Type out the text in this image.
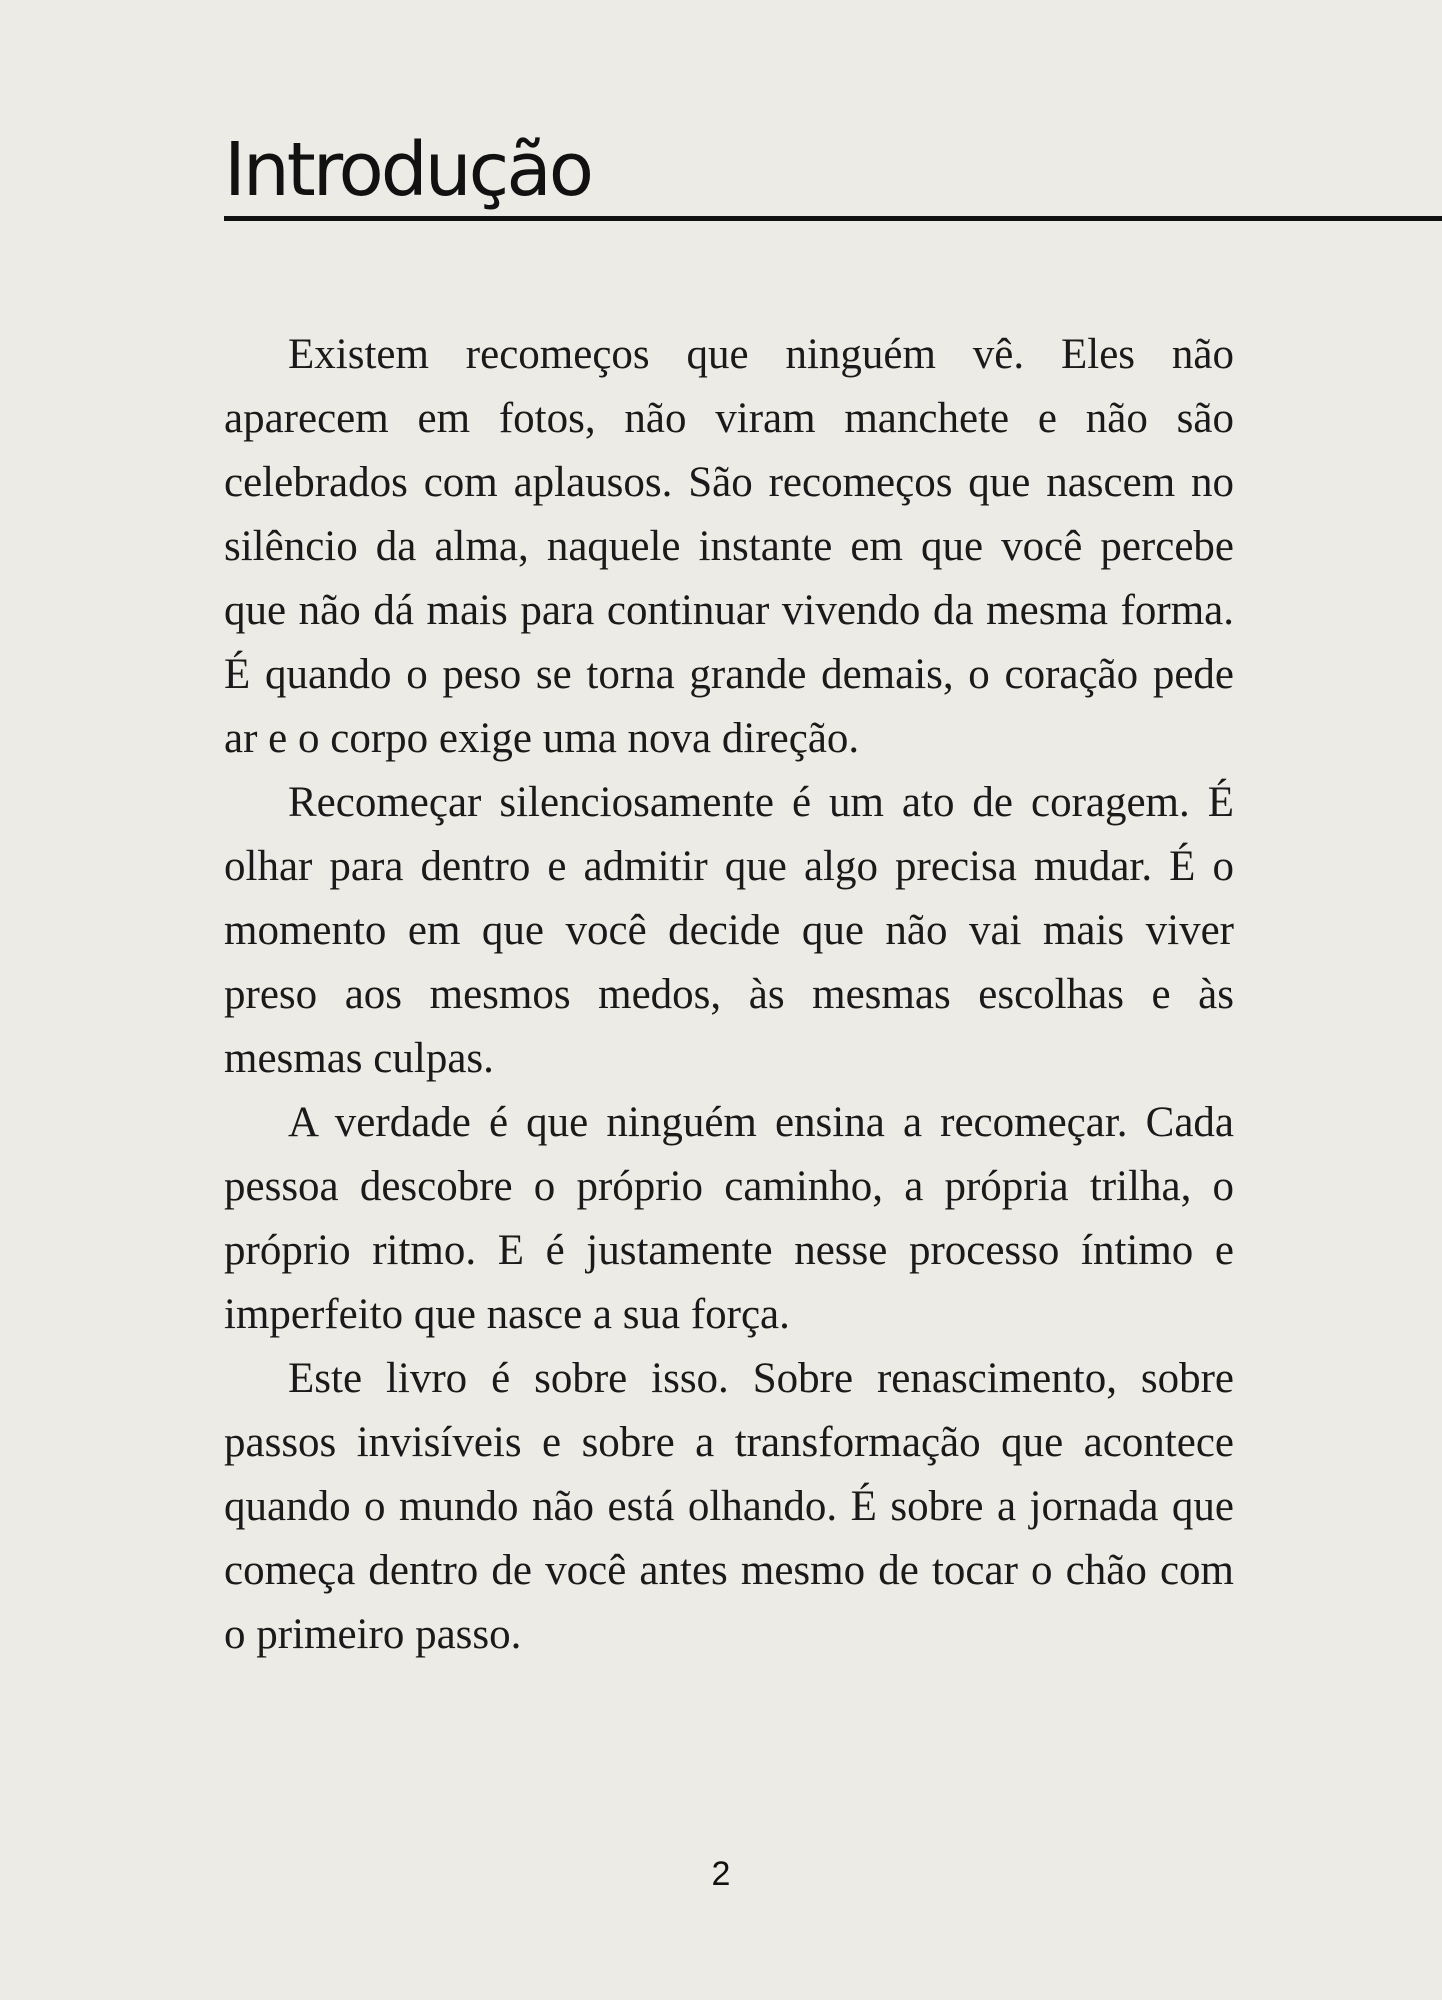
Introdução

Existem recomeços que ninguém vê. Eles não aparecem em fotos, não viram manchete e não são celebrados com aplausos. São recomeços que nascem no silêncio da alma, naquele instante em que você percebe que não dá mais para continuar vivendo da mesma forma. É quando o peso se torna grande demais, o coração pede ar e o corpo exige uma nova direção.

Recomeçar silenciosamente é um ato de coragem. É olhar para dentro e admitir que algo precisa mudar. É o momento em que você decide que não vai mais viver preso aos mesmos medos, às mesmas escolhas e às mesmas culpas.

A verdade é que ninguém ensina a recomeçar. Cada pessoa descobre o próprio caminho, a própria trilha, o próprio ritmo. E é justamente nesse processo íntimo e imperfeito que nasce a sua força.

Este livro é sobre isso. Sobre renascimento, sobre passos invisíveis e sobre a transformação que acontece quando o mundo não está olhando. É sobre a jornada que começa dentro de você antes mesmo de tocar o chão com o primeiro passo.

2
